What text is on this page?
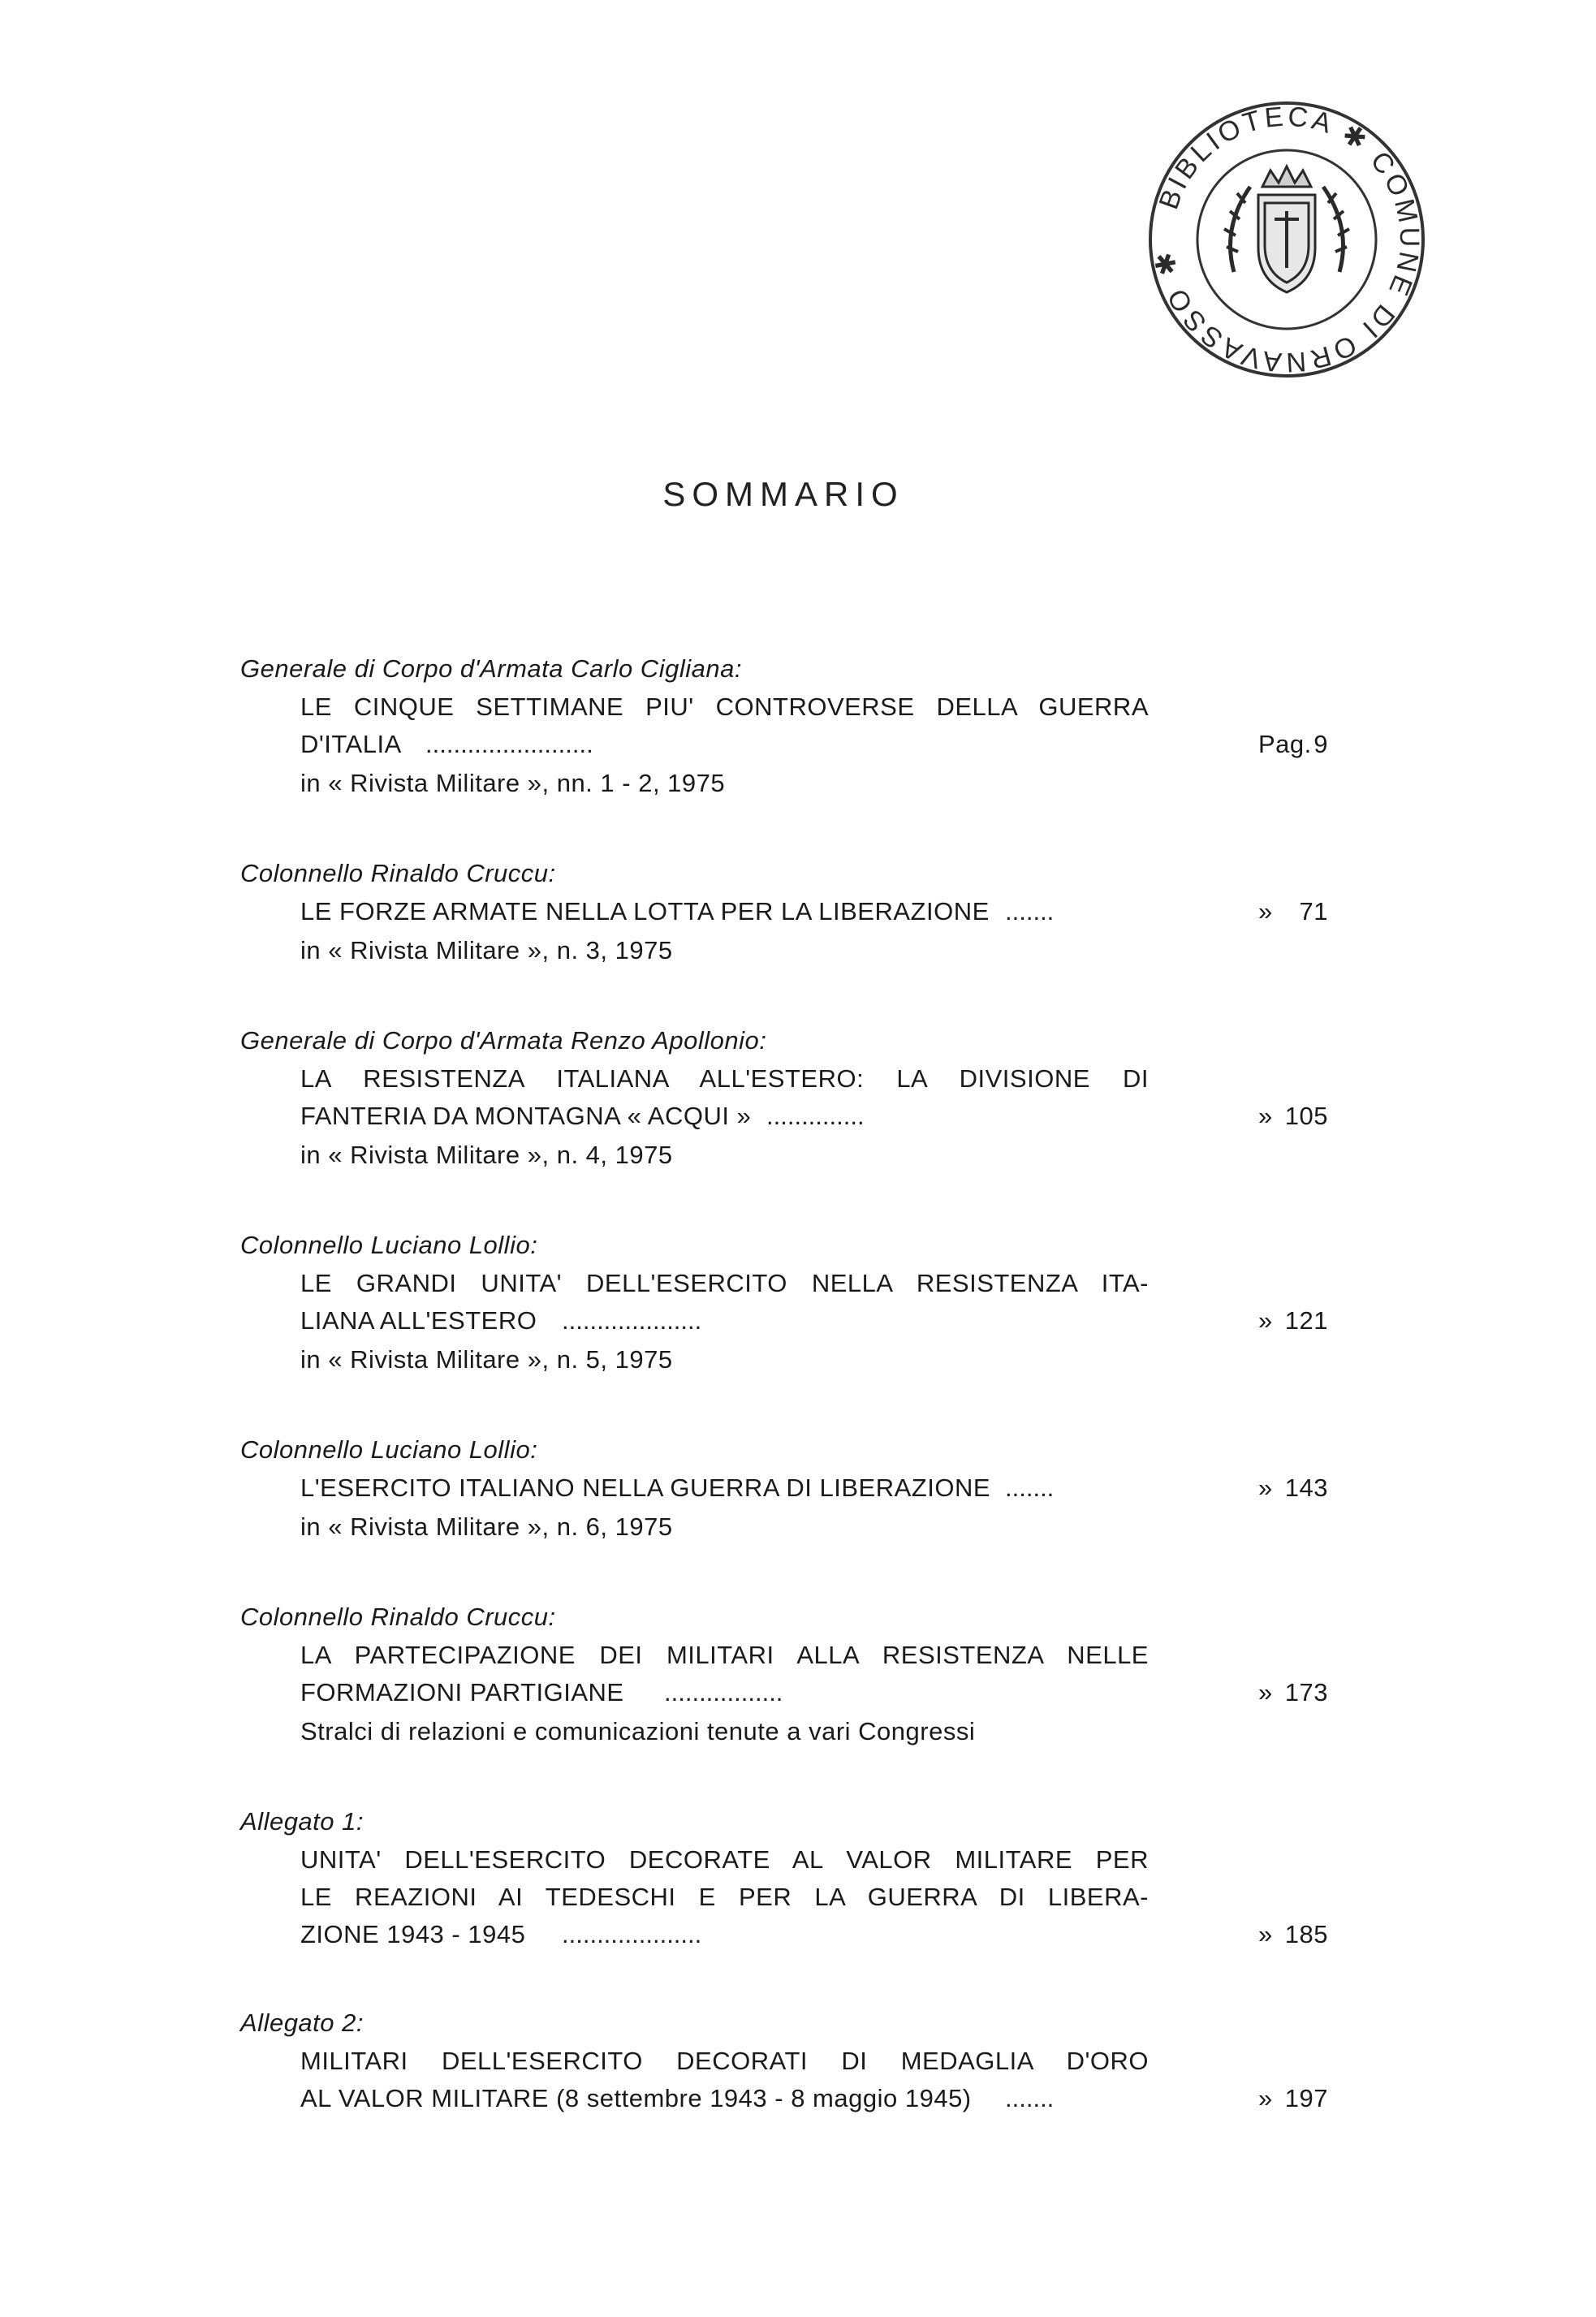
BIBLIOTECA ✱ COMUNE DI ORNAVASSO ✱
SOMMARIO
Generale di Corpo d'Armata Carlo Cigliana:
LE CINQUE SETTIMANE PIU' CONTROVERSE DELLA GUERRA
D'ITALIA ........................	Pag. 9
in « Rivista Militare », nn. 1 - 2, 1975
Colonnello Rinaldo Cruccu:
LE FORZE ARMATE NELLA LOTTA PER LA LIBERAZIONE .......	»	71
in « Rivista Militare », n. 3, 1975
Generale di Corpo d'Armata Renzo Apollonio:
LA RESISTENZA ITALIANA ALL'ESTERO: LA DIVISIONE DI
FANTERIA DA MONTAGNA « ACQUI » ..............	» 105
in « Rivista Militare », n. 4, 1975
Colonnello Luciano Lollio:
LE GRANDI UNITA' DELL'ESERCITO NELLA RESISTENZA ITA-
LIANA ALL'ESTERO ....................	» 121
in « Rivista Militare », n. 5, 1975
Colonnello Luciano Lollio:
L'ESERCITO ITALIANO NELLA GUERRA DI LIBERAZIONE .......	» 143
in « Rivista Militare », n. 6, 1975
Colonnello Rinaldo Cruccu:
LA PARTECIPAZIONE DEI MILITARI ALLA RESISTENZA NELLE
FORMAZIONI PARTIGIANE .................	» 173
Stralci di relazioni e comunicazioni tenute a vari Congressi
Allegato 1:
UNITA' DELL'ESERCITO DECORATE AL VALOR MILITARE PER
LE REAZIONI AI TEDESCHI E PER LA GUERRA DI LIBERA-
ZIONE 1943 - 1945 ....................	» 185
Allegato 2:
MILITARI DELL'ESERCITO DECORATI DI MEDAGLIA D'ORO
AL VALOR MILITARE (8 settembre 1943 - 8 maggio 1945) .......	» 197
